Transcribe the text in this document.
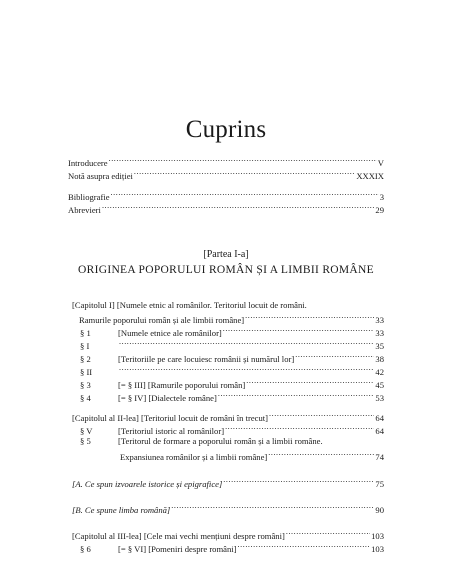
Cuprins
Introducere .....	V
Notă asupra ediției .....	XXXIX
Bibliografie .....	3
Abrevieri .....	29
[Partea I-a]
ORIGINEA POPORULUI ROMÂN ȘI A LIMBII ROMÂNE
[Capitolul I] [Numele etnic al românilor. Teritoriul locuit de români.
Ramurile poporului român și ale limbii române] .....	33
§ 1	[Numele etnice ale românilor] .....	33
§ I .....	35
§ 2	[Teritoriile pe care locuiesc românii și numărul lor] .....	38
§ II .....	42
§ 3	[= § III] [Ramurile poporului român] .....	45
§ 4	[= § IV] [Dialectele române] .....	53
[Capitolul al II-lea] [Teritoriul locuit de români în trecut] .....	64
§ V	[Teritoriul istoric al românilor] .....	64
§ 5	[Teritorul de formare a poporului român și a limbii române.
Expansiunea românilor și a limbii române] .....	74
[A. Ce spun izvoarele istorice și epigrafice] .....	75
[B. Ce spune limba română] .....	90
[Capitolul al III-lea] [Cele mai vechi mențiuni despre români] .....	103
§ 6	[= § VI] [Pomeniri despre români] .....	103
